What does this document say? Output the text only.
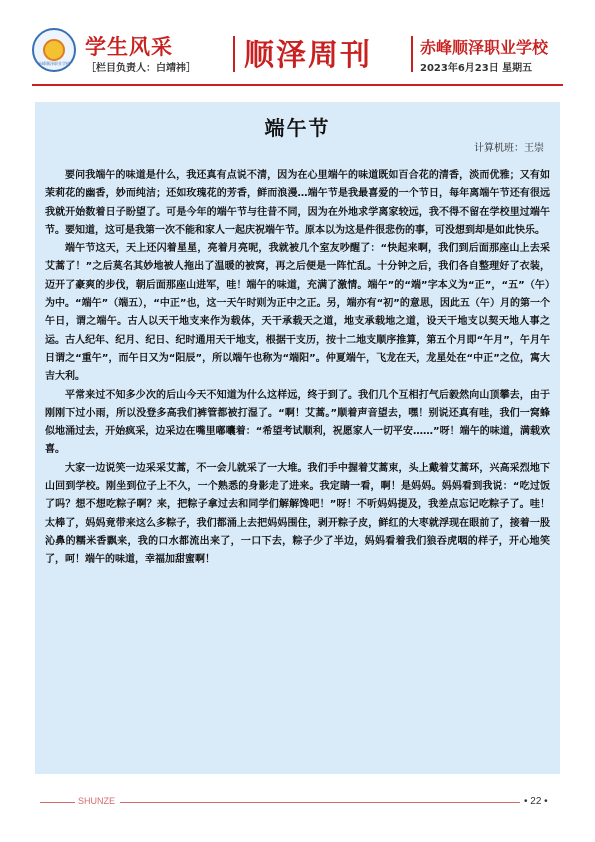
赤峰顺泽职业学校
学生风采
［栏目负责人：白靖祎］ 顺泽周刊	赤峰顺泽职业学校
2023年6月23日 星期五
端午节
计算机班：王崇

要问我端午的味道是什么，我还真有点说不清，因为在心里端午的味道既如百合花的清香，淡而优雅；又有如茉莉花的幽香，妙而纯洁；还如玫瑰花的芳香，鲜而浪漫…端午节是我最喜爱的一个节日，每年离端午节还有很远我就开始数着日子盼望了。可是今年的端午节与往昔不同，因为在外地求学离家较远，我不得不留在学校里过端午节。要知道，这可是我第一次不能和家人一起庆祝端午节。原本以为这是件很悲伤的事，可没想到却是如此快乐。

端午节这天，天上还闪着星星，亮着月亮呢，我就被几个室友吵醒了：“快起来啊，我们到后面那座山上去采艾蒿了！”之后莫名其妙地被人拖出了温暖的被窝，再之后便是一阵忙乱。十分钟之后，我们各自整理好了衣装，迈开了豪爽的步伐，朝后面那座山进军，哇！端午的味道，充满了激情。端午”的“端”字本义为“正”，“五”（午）为中。“端午”（端五），“中正”也，这一天午时则为正中之正。另，端亦有“初”的意思，因此五（午）月的第一个午日，谓之端午。古人以天干地支来作为载体，天干承载天之道，地支承载地之道，设天干地支以契天地人事之运。古人纪年、纪月、纪日、纪时通用天干地支，根据干支历，按十二地支顺序推算，第五个月即“午月”，午月午日谓之“重午”，而午日又为“阳辰”，所以端午也称为“端阳”。仲夏端午，飞龙在天，龙星处在“中正”之位，寓大吉大利。

平常来过不知多少次的后山今天不知道为什么这样远，终于到了。我们几个互相打气后毅然向山顶攀去，由于刚刚下过小雨，所以没登多高我们裤管都被打湿了。“啊！艾蒿。”顺着声音望去，嘿！别说还真有哇，我们一窝蜂似地涌过去，开始疯采，边采边在嘴里嘟囔着：“希望考试顺利，祝愿家人一切平安……”呀！端午的味道，满载欢喜。

大家一边说笑一边采采艾蒿，不一会儿就采了一大堆。我们手中握着艾蒿束，头上戴着艾蒿环，兴高采烈地下山回到学校。刚坐到位子上不久，一个熟悉的身影走了进来。我定睛一看，啊！是妈妈。妈妈看到我说：“吃过饭了吗？想不想吃粽子啊？来，把粽子拿过去和同学们解解馋吧！”呀！不听妈妈提及，我差点忘记吃粽子了。哇！太棒了，妈妈竟带来这么多粽子，我们都涌上去把妈妈围住，剥开粽子皮，鲜红的大枣就浮现在眼前了，接着一股沁鼻的糯米香飘来，我的口水都流出来了，一口下去，粽子少了半边，妈妈看着我们狼吞虎咽的样子，开心地笑了，呵！端午的味道，幸福加甜蜜啊！

SHUNZE	• 22 •
